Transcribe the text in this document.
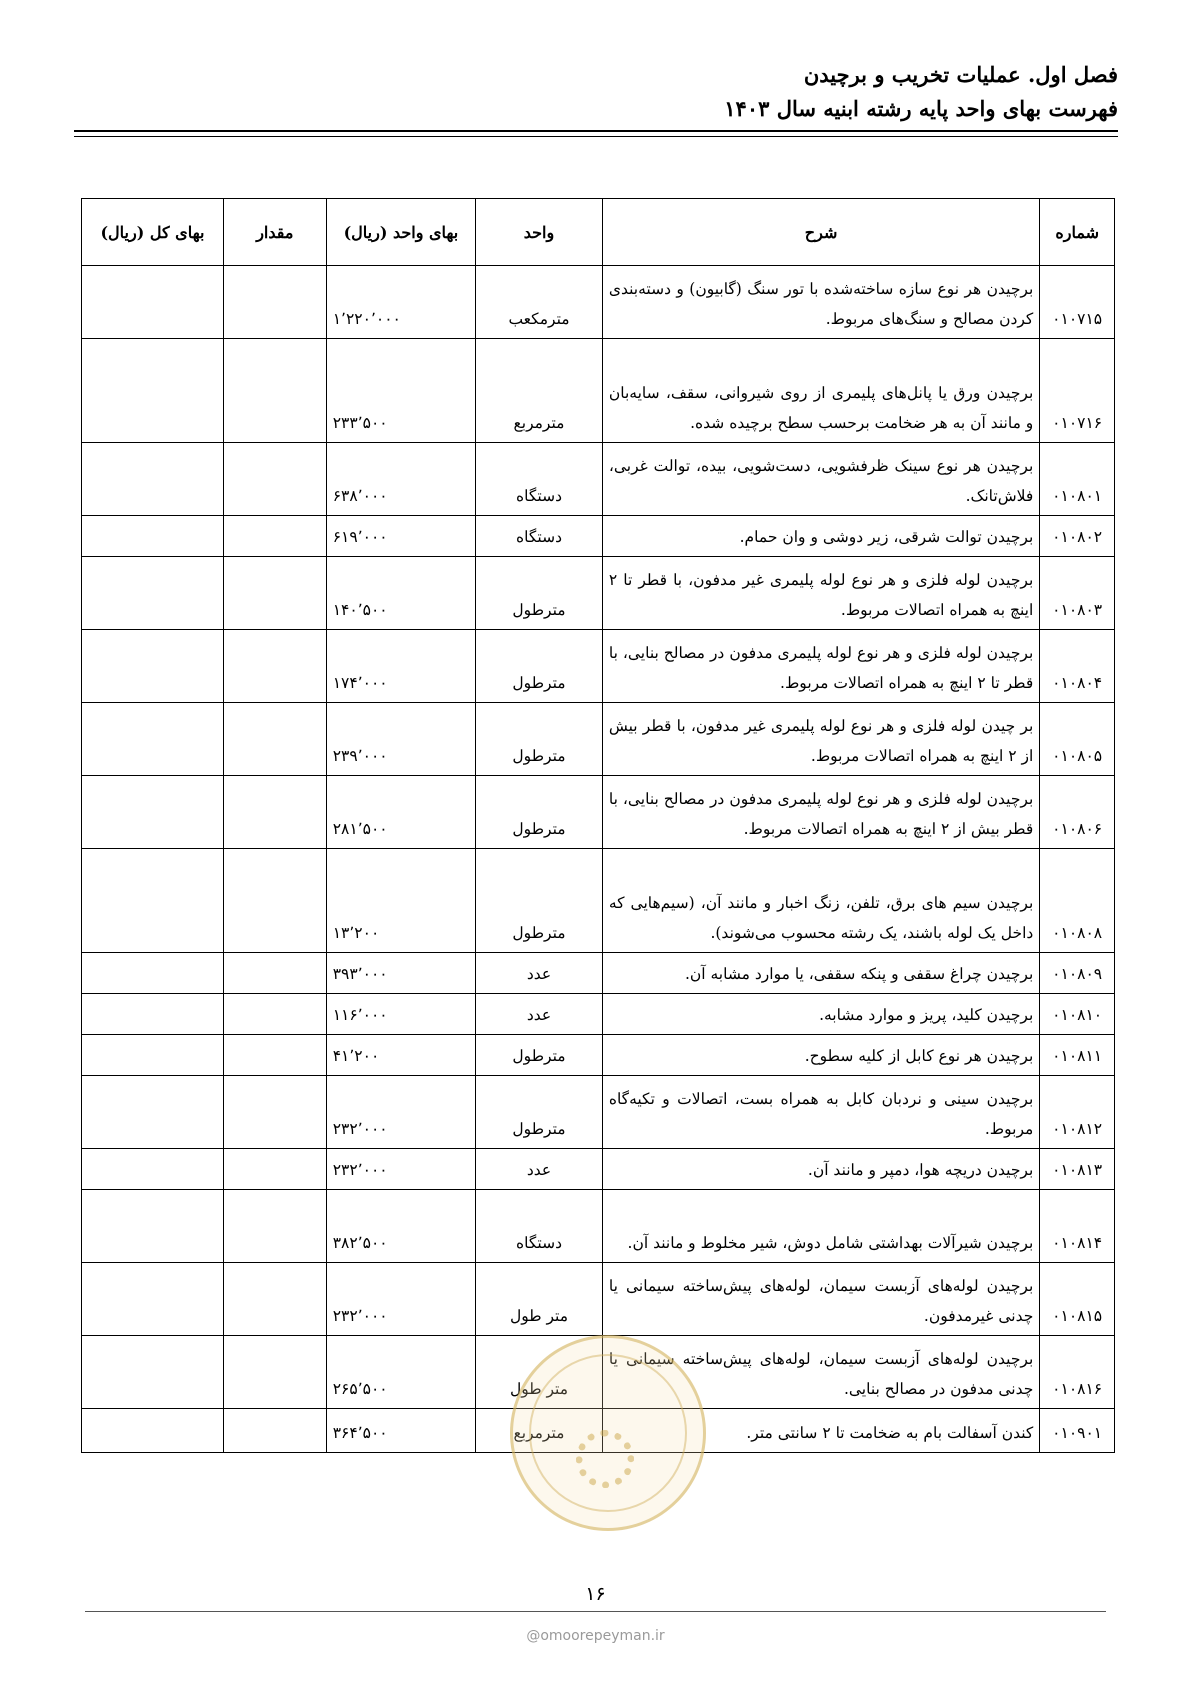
فصل اول. عملیات تخریب و برچیدن
فهرست بهای واحد پایه رشته ابنیه سال ۱۴۰۳
شماره	شرح	واحد	بهای واحد (ریال)	مقدار	بهای کل (ریال)
۰۱۰۷۱۵	برچیدن هر نوع سازه ساخته‌شده با تور سنگ (گابیون) و دسته‌بندی کردن مصالح و سنگ‌های مربوط.	مترمکعب	۱٬۲۲۰٬۰۰۰		
۰۱۰۷۱۶	برچیدن ورق یا پانل‌های پلیمری از روی شیروانی، سقف، سایه‌بان و مانند آن به هر ضخامت برحسب سطح برچیده شده.	مترمربع	۲۳۳٬۵۰۰		
۰۱۰۸۰۱	برچیدن هر نوع سینک ظرفشویی، دست‌شویی، بیده، توالت غربی، فلاش‌تانک.	دستگاه	۶۳۸٬۰۰۰		
۰۱۰۸۰۲	برچیدن توالت شرقی، زیر دوشی و وان حمام.	دستگاه	۶۱۹٬۰۰۰		
۰۱۰۸۰۳	برچیدن لوله فلزی و هر نوع لوله پلیمری غیر مدفون، با قطر تا ۲ اینچ به همراه اتصالات مربوط.	مترطول	۱۴۰٬۵۰۰		
۰۱۰۸۰۴	برچیدن لوله فلزی و هر نوع لوله پلیمری مدفون در مصالح بنایی، با قطر تا ۲ اینچ به همراه اتصالات مربوط.	مترطول	۱۷۴٬۰۰۰		
۰۱۰۸۰۵	بر چیدن لوله فلزی و هر نوع لوله پلیمری غیر مدفون، با قطر بیش از ۲ اینچ به همراه اتصالات مربوط.	مترطول	۲۳۹٬۰۰۰		
۰۱۰۸۰۶	برچیدن لوله فلزی و هر نوع لوله پلیمری مدفون در مصالح بنایی، با قطر بیش از ۲ اینچ به همراه اتصالات مربوط.	مترطول	۲۸۱٬۵۰۰		
۰۱۰۸۰۸	برچیدن سیم های برق، تلفن، زنگ اخبار و مانند آن، (سیم‌هایی که داخل یک لوله باشند، یک رشته محسوب می‌شوند).	مترطول	۱۳٬۲۰۰		
۰۱۰۸۰۹	برچیدن چراغ سقفی و پنکه سقفی، یا موارد مشابه آن.	عدد	۳۹۳٬۰۰۰		
۰۱۰۸۱۰	برچیدن کلید، پریز و موارد مشابه.	عدد	۱۱۶٬۰۰۰		
۰۱۰۸۱۱	برچیدن هر نوع کابل از کلیه سطوح.	مترطول	۴۱٬۲۰۰		
۰۱۰۸۱۲	برچیدن سینی و نردبان کابل به همراه بست، اتصالات و تکیه‌گاه مربوط.	مترطول	۲۳۲٬۰۰۰		
۰۱۰۸۱۳	برچیدن دریچه هوا، دمپر و مانند آن.	عدد	۲۳۲٬۰۰۰		
۰۱۰۸۱۴	برچیدن شیرآلات بهداشتی شامل دوش، شیر مخلوط و مانند آن.	دستگاه	۳۸۲٬۵۰۰		
۰۱۰۸۱۵	برچیدن لوله‌های آزبست سیمان، لوله‌های پیش‌ساخته سیمانی یا چدنی غیرمدفون.	متر طول	۲۳۲٬۰۰۰		
۰۱۰۸۱۶	برچیدن لوله‌های آزبست سیمان، لوله‌های پیش‌ساخته سیمانی یا چدنی مدفون در مصالح بنایی.	متر طول	۲۶۵٬۵۰۰		
۰۱۰۹۰۱	کندن آسفالت بام به ضخامت تا ۲ سانتی متر.	مترمربع	۳۶۴٬۵۰۰		
۱۶
@omoorepeyman.ir
